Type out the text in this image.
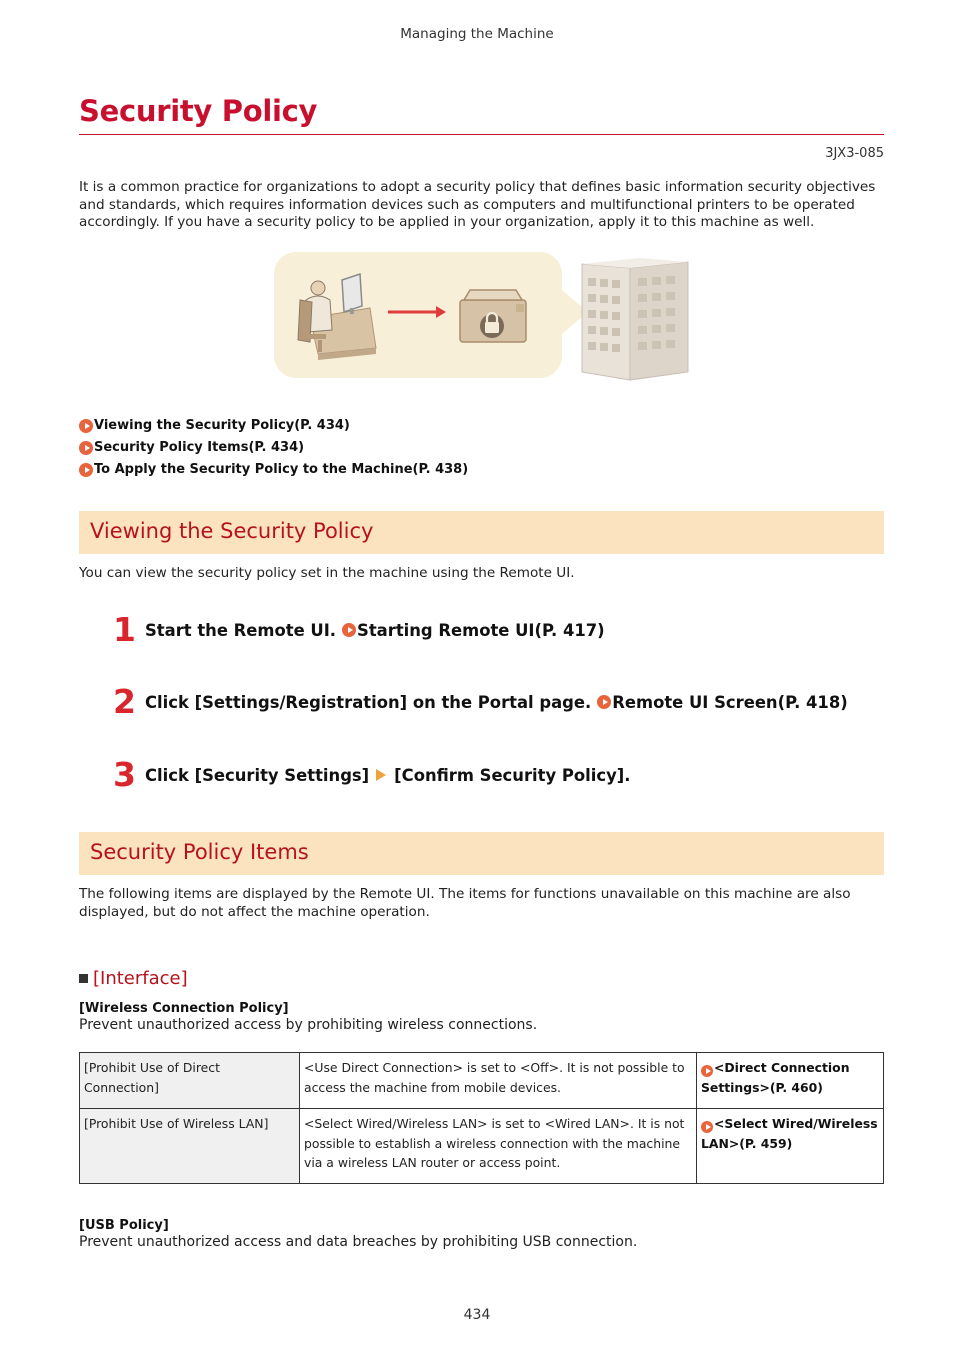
Managing the Machine
Security Policy
3JX3-085
It is a common practice for organizations to adopt a security policy that defines basic information security objectives and standards, which requires information devices such as computers and multifunctional printers to be operated accordingly. If you have a security policy to be applied in your organization, apply it to this machine as well.
Viewing the Security Policy(P. 434)
Security Policy Items(P. 434)
To Apply the Security Policy to the Machine(P. 438)
Viewing the Security Policy
You can view the security policy set in the machine using the Remote UI.
1 Start the Remote UI. Starting Remote UI(P. 417)
2 Click [Settings/Registration] on the Portal page. Remote UI Screen(P. 418)
3 Click [Security Settings] [Confirm Security Policy].
Security Policy Items
The following items are displayed by the Remote UI. The items for functions unavailable on this machine are also displayed, but do not affect the machine operation.
[Interface]
[Wireless Connection Policy]
Prevent unauthorized access by prohibiting wireless connections.
[Prohibit Use of Direct Connection]	<Use Direct Connection> is set to <Off>. It is not possible to access the machine from mobile devices.	<Direct Connection Settings>(P. 460)
[Prohibit Use of Wireless LAN]	<Select Wired/Wireless LAN> is set to <Wired LAN>. It is not possible to establish a wireless connection with the machine via a wireless LAN router or access point.	<Select Wired/Wireless LAN>(P. 459)
[USB Policy]
Prevent unauthorized access and data breaches by prohibiting USB connection.
434
